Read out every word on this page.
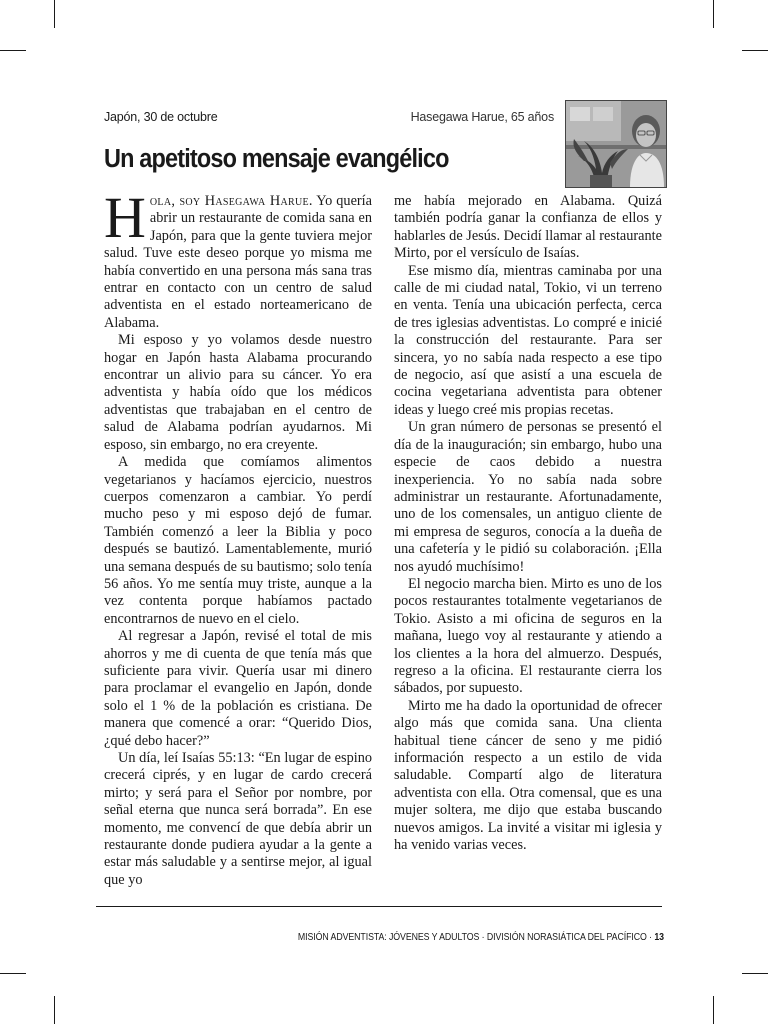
Japón, 30 de octubre	Hasegawa Harue, 65 años
Un apetitoso mensaje evangélico

Hola, soy Hasegawa Harue. Yo quería abrir un restaurante de comida sana en Japón, para que la gente tuviera mejor salud. Tuve este deseo porque yo misma me había convertido en una persona más sana tras entrar en contacto con un centro de salud adventista en el estado norteamericano de Alabama.

Mi esposo y yo volamos desde nuestro hogar en Japón hasta Alabama procurando encontrar un alivio para su cáncer. Yo era adventista y había oído que los médicos adventistas que trabajaban en el centro de salud de Alabama podrían ayudarnos. Mi esposo, sin embargo, no era creyente.

A medida que comíamos alimentos vegetarianos y hacíamos ejercicio, nuestros cuerpos comenzaron a cambiar. Yo perdí mucho peso y mi esposo dejó de fumar. También comenzó a leer la Biblia y poco después se bautizó. Lamentablemente, murió una semana después de su bautismo; solo tenía 56 años. Yo me sentía muy triste, aunque a la vez contenta porque habíamos pactado encontrarnos de nuevo en el cielo.

Al regresar a Japón, revisé el total de mis ahorros y me di cuenta de que tenía más que suficiente para vivir. Quería usar mi dinero para proclamar el evangelio en Japón, donde solo el 1 % de la población es cristiana. De manera que comencé a orar: “Querido Dios, ¿qué debo hacer?”

Un día, leí Isaías 55:13: “En lugar de espino crecerá ciprés, y en lugar de cardo crecerá mirto; y será para el Señor por nombre, por señal eterna que nunca será borrada”. En ese momento, me convencí de que debía abrir un restaurante donde pudiera ayudar a la gente a estar más saludable y a sentirse mejor, al igual que yo

me había mejorado en Alabama. Quizá también podría ganar la confianza de ellos y hablarles de Jesús. Decidí llamar al restaurante Mirto, por el versículo de Isaías.

Ese mismo día, mientras caminaba por una calle de mi ciudad natal, Tokio, vi un terreno en venta. Tenía una ubicación perfecta, cerca de tres iglesias adventistas. Lo compré e inicié la construcción del restaurante. Para ser sincera, yo no sabía nada respecto a ese tipo de negocio, así que asistí a una escuela de cocina vegetariana adventista para obtener ideas y luego creé mis propias recetas.

Un gran número de personas se presentó el día de la inauguración; sin embargo, hubo una especie de caos debido a nuestra inexperiencia. Yo no sabía nada sobre administrar un restaurante. Afortunadamente, uno de los comensales, un antiguo cliente de mi empresa de seguros, conocía a la dueña de una cafetería y le pidió su colaboración. ¡Ella nos ayudó muchísimo!

El negocio marcha bien. Mirto es uno de los pocos restaurantes totalmente vegetarianos de Tokio. Asisto a mi oficina de seguros en la mañana, luego voy al restaurante y atiendo a los clientes a la hora del almuerzo. Después, regreso a la oficina. El restaurante cierra los sábados, por supuesto.

Mirto me ha dado la oportunidad de ofrecer algo más que comida sana. Una clienta habitual tiene cáncer de seno y me pidió información respecto a un estilo de vida saludable. Compartí algo de literatura adventista con ella. Otra comensal, que es una mujer soltera, me dijo que estaba buscando nuevos amigos. La invité a visitar mi iglesia y ha venido varias veces.

MISIÓN ADVENTISTA: JÓVENES Y ADULTOS · DIVISIÓN NORASIÁTICA DEL PACÍFICO · 13
